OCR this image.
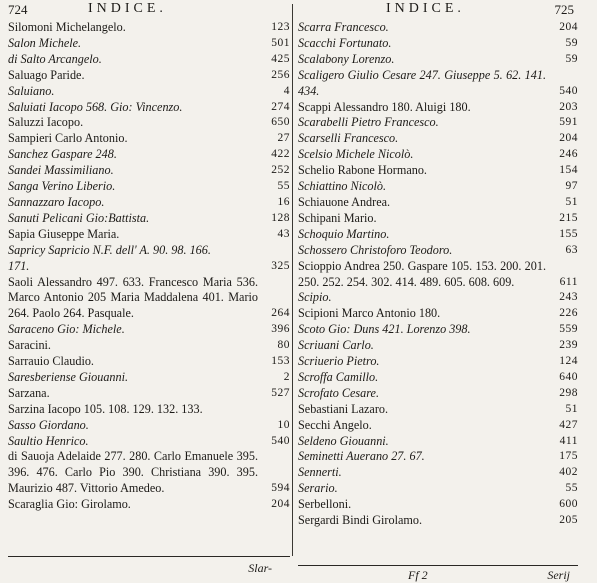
724	INDICE.
Silomoni Michelangelo.	123
Salon Michele.	501
di Salto Arcangelo.	425
Saluago Paride.	256
Saluiano.	4
Saluiati Iacopo 568. Gio: Vincenzo.	274
Saluzzi Iacopo.	650
Sampieri Carlo Antonio.	27
Sanchez Gaspare 248.	422
Sandei Massimiliano.	252
Sanga Verino Liberio.	55
Sannazzaro Iacopo.	16
Sanuti Pelicani Gio:Battista.	128
Sapia Giuseppe Maria.	43
Sapricy Sapricio N.F. dell' A. 90. 98. 166.
171.	325
Saoli Alessandro 497. 633. Francesco Maria 536. Marco Antonio 205 Maria Maddalena 401. Mario 264. Paolo 264. Pasquale.	264
Saraceno Gio: Michele.	396
Saracini.	80
Sarrauio Claudio.	153
Saresberiense Giouanni.	2
Sarzana.	527
Sarzina Iacopo 105. 108. 129. 132. 133.
Sasso Giordano.	10
Saultio Henrico.	540
di Sauoja Adelaide 277. 280. Carlo Emanuele 395. 396. 476. Carlo Pio 390. Christiana 390. 395. Maurizio 487. Vittorio Amedeo.	594
Scaraglia Gio: Girolamo.	204
Slar-
INDICE.	725
Scarra Francesco.	204
Scacchi Fortunato.	59
Scalabony Lorenzo.	59
Scaligero Giulio Cesare 247. Giuseppe 5. 62. 141. 434.	540
Scappi Alessandro 180. Aluigi 180.	203
Scarabelli Pietro Francesco.	591
Scarselli Francesco.	204
Scelsio Michele Nicolò.	246
Schelio Rabone Hormano.	154
Schiattino Nicolò.	97
Schiauone Andrea.	51
Schipani Mario.	215
Schoquio Martino.	155
Schossero Christoforo Teodoro.	63
Scioppio Andrea 250. Gaspare 105. 153. 200. 201. 250. 252. 254. 302. 414. 489. 605. 608. 609.	611
Scipio.	243
Scipioni Marco Antonio 180.	226
Scoto Gio: Duns 421. Lorenzo 398.	559
Scriuani Carlo.	239
Scriuerio Pietro.	124
Scroffa Camillo.	640
Scrofato Cesare.	298
Sebastiani Lazaro.	51
Secchi Angelo.	427
Seldeno Giouanni.	411
Seminetti Auerano 27. 67.	175
Sennerti.	402
Serario.	55
Serbelloni.	600
Sergardi Bindi Girolamo.	205
Ff 2	Serij
